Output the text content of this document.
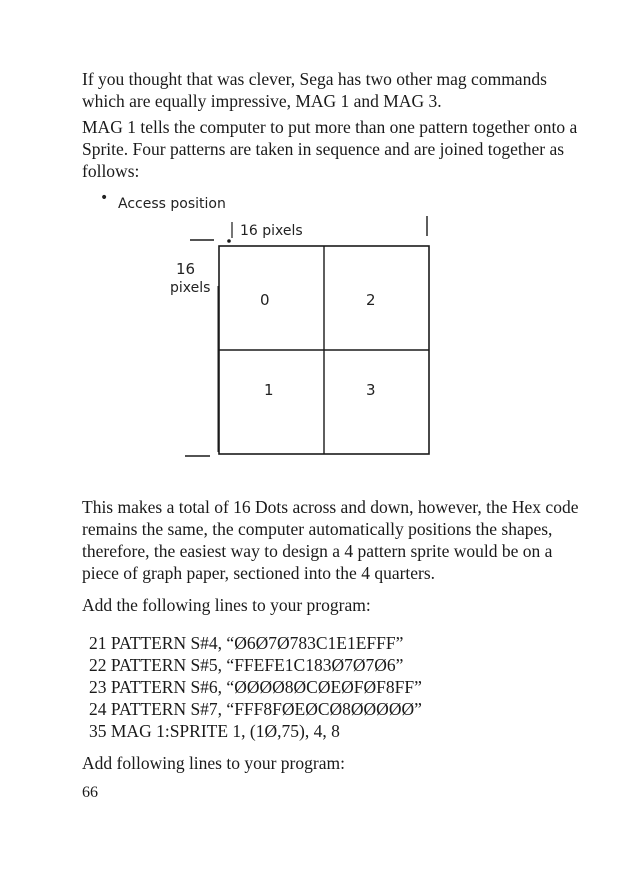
If you thought that was clever, Sega has two other mag commands which are equally impressive, MAG 1 and MAG 3.

MAG 1 tells the computer to put more than one pattern together onto a Sprite. Four patterns are taken in sequence and are joined together as follows:

• Access position
16 pixels
16
pixels
0	2
1	3

This makes a total of 16 Dots across and down, however, the Hex code remains the same, the computer automatically positions the shapes, therefore, the easiest way to design a 4 pattern sprite would be on a piece of graph paper, sectioned into the 4 quarters.

Add the following lines to your program:

21 PATTERN S#4, “Ø6Ø7Ø783C1E1EFFF”
22 PATTERN S#5, “FFEFE1C183Ø7Ø7Ø6”
23 PATTERN S#6, “ØØØØ8ØCØEØFØF8FF”
24 PATTERN S#7, “FFF8FØEØCØ8ØØØØØ”
35 MAG 1:SPRITE 1, (1Ø,75), 4, 8

Add following lines to your program:

66
